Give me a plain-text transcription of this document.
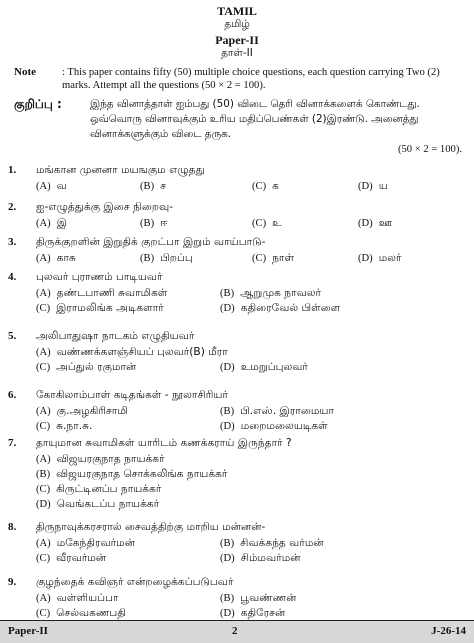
TAMIL
தமிழ்
Paper-II
தாள்-II
Note : This paper contains fifty (50) multiple choice questions, each question carrying Two (2) marks. Attempt all the questions (50 × 2 = 100).
குறிப்பு :	இந்த வினாத்தாள் ஐம்பது (50) விடை தெரி வினாக்களைக் கொண்டது. ஒவ்வொரு வினாவுக்கும் உரிய மதிப்பெண்கள் (2)இரண்டு. அனைத்து வினாக்களுக்கும் விடை தருக.
(50 × 2 = 100).
1. மங்கான முனனா மயஙகும எழுதது
(A) வ	(B) ச	(C) க	(D) ய
2. ஐ-எழுத்துக்கு இசை நிறைவு-
(A) இ	(B) ஈ	(C) உ	(D) ஊ
3. திருக்குறளின் இறுதிக் குறட்பா இறும் வாய்பாடு-
(A) காசு	(B) பிறப்பு	(C) நாள்	(D) மலர்
4. புலவர் புராணம் பாடியவர்
(A) தண்டபாணி சுவாமிகள்	(B) ஆறுமுக நாவலர்
(C) இராமலிங்க அடிகளார்	(D) கதிரைவேல் பிள்ளை
5. அலிபாதுஷா நாடகம் எழுதியவர்
(A) வண்ணக்களஞ்சியப் புலவர்(B) மீரா
(C) அப்துல் ரகுமான்	(D) உமறுப்புலவர்
6. கோகிலாம்பாள் கடிதங்கள் - நூலாசிரியர்
(A) கு.அழகிரிசாமி	(B) பி.எஸ். இராமையா
(C) சு.நா.சு.	(D) மறைமலையடிகள்
7. தாயுமான சுவாமிகள் யாரிடம் கணக்கராய் இருந்தார் ?
(A) விஜயரகுநாத நாயக்கர்
(B) விஜயரகுநாத சொக்கலிங்க நாயக்கர்
(C) கிருட்டினப்ப நாயக்கர்
(D) வெங்கடப்ப நாயக்கர்
8. திருநாவுக்கரசரால் சைவத்திற்கு மாறிய மன்னன்-
(A) மகேந்திரவர்மன்	(B) சிவக்கந்த வர்மன்
(C) வீரவர்மன்	(D) சிம்மவர்மன்
9. குழந்தைக் கவிஞர் என்றழைக்கப்படுபவர்
(A) வள்ளியப்பா	(B) பூவண்ணன்
(C) செல்வகணபதி	(D) கதிரேசன்
Paper-II	2	J-26-14
